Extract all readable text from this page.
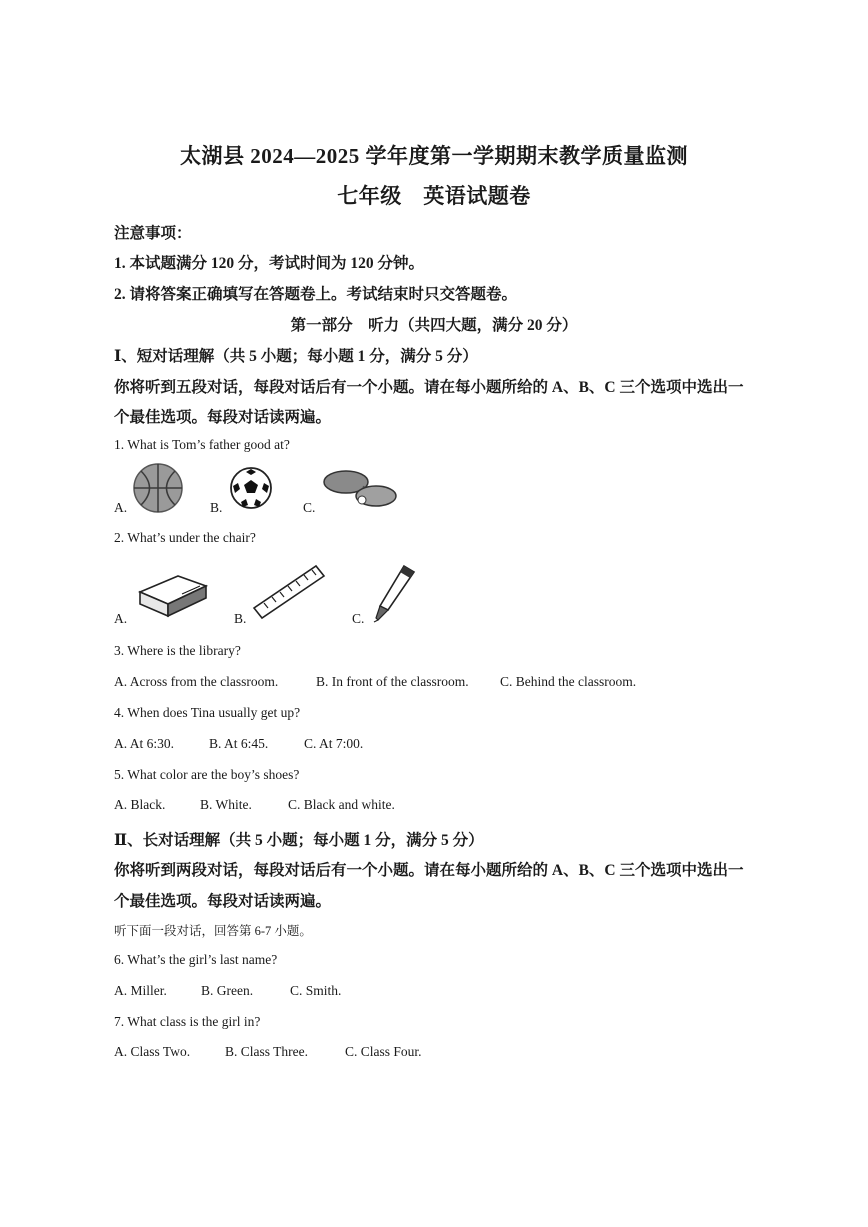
太湖县 2024—2025 学年度第一学期期末教学质量监测
七年级　英语试题卷
注意事项：
1. 本试题满分 120 分，考试时间为 120 分钟。
2. 请将答案正确填写在答题卷上。考试结束时只交答题卷。
第一部分　听力（共四大题，满分 20 分）
Ⅰ、短对话理解（共 5 小题；每小题 1 分，满分 5 分）
你将听到五段对话，每段对话后有一个小题。请在每小题所给的 A、B、C 三个选项中选出一
个最佳选项。每段对话读两遍。
1. What is Tom’s father good at?
A.	B.	C.
2. What’s under the chair?
A.	B.	C.
3. Where is the library?
A. Across from the classroom.	B. In front of the classroom. C. Behind the classroom.
4. When does Tina usually get up?
A. At 6:30.	B. At 6:45.	C. At 7:00.
5. What color are the boy’s shoes?
A. Black.	B. White.	C. Black and white.
Ⅱ、长对话理解（共 5 小题；每小题 1 分，满分 5 分）
你将听到两段对话，每段对话后有一个小题。请在每小题所给的 A、B、C 三个选项中选出一
个最佳选项。每段对话读两遍。
听下面一段对话，回答第 6-7 小题。
6. What’s the girl’s last name?
A. Miller.	B. Green.	C. Smith.
7. What class is the girl in?
A. Class Two.	B. Class Three.	C. Class Four.
